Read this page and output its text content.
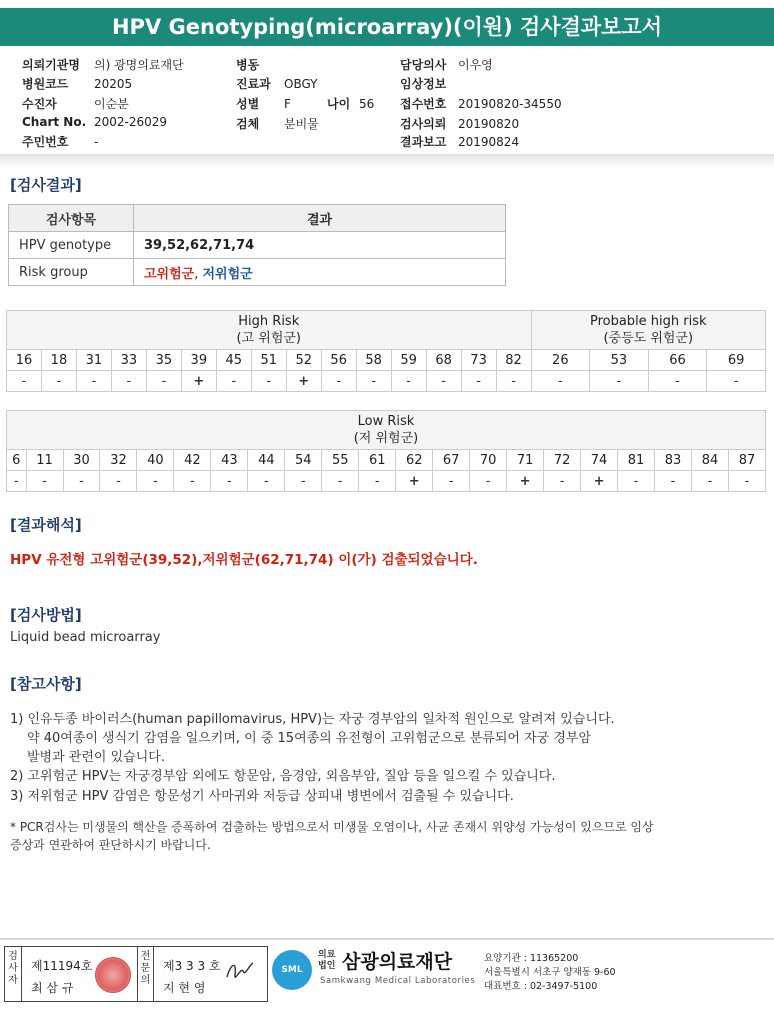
HPV Genotyping(microarray)(이원) 검사결과보고서
의뢰기관명 의) 광명의료재단
병원코드 20205
수진자	이순분
Chart No. 2002-26029
주민번호 -
병동
진료과 OBGY
성별 F
검체 분비물
나이 56
담당의사 이우영
임상정보
접수번호 20190820-34550
검사의뢰 20190820
결과보고 20190824
[검사결과]
검사항목	결과
HPV genotype	39,52,62,71,74
Risk group	고위험군, 저위험군
High Risk
(고 위험군)															Probable high risk
(중등도 위험군)			
16	18	31	33	35	39	45	51	52	56	58	59	68	73	82	26	53	66	69
-	-	-	-	-	+	-	-	+	-	-	-	-	-	-	-	-	-	-
Low Risk
(저 위험군)																				
6	11	30	32	40	42	43	44	54	55	61	62	67	70	71	72	74	81	83	84	87
-	-	-	-	-	-	-	-	-	-	-	+	-	-	+	-	+	-	-	-	-
[결과해석]
HPV 유전형 고위험군(39,52),저위험군(62,71,74) 이(가) 검출되었습니다.
[검사방법]
Liquid bead microarray
[참고사항]
1) 인유두종 바이러스(human papillomavirus, HPV)는 자궁 경부암의 일차적 원인으로 알려져 있습니다.
약 40여종이 생식기 감염을 일으키며, 이 중 15여종의 유전형이 고위험군으로 분류되어 자궁 경부암
발병과 관련이 있습니다.
2) 고위험군 HPV는 자궁경부암 외에도 항문암, 음경암, 외음부암, 질암 등을 일으킬 수 있습니다.
3) 저위험군 HPV 감염은 항문성기 사마귀와 저등급 상피내 병변에서 검출될 수 있습니다.
* PCR검사는 미생물의 핵산을 증폭하여 검출하는 방법으로서 미생물 오염이나, 사균 존재시 위양성 가능성이 있으므로 임상
증상과 연관하여 판단하시기 바랍니다.
검
사
자
제11194호
최 삼 규
전
문
의
제3 3 3 호
지 현 영
SML
의료
법인 삼광의료재단
Samkwang Medical Laboratories
요양기관 : 11365200
서울특별시 서초구 양재동 9-60
대표번호 : 02-3497-5100
